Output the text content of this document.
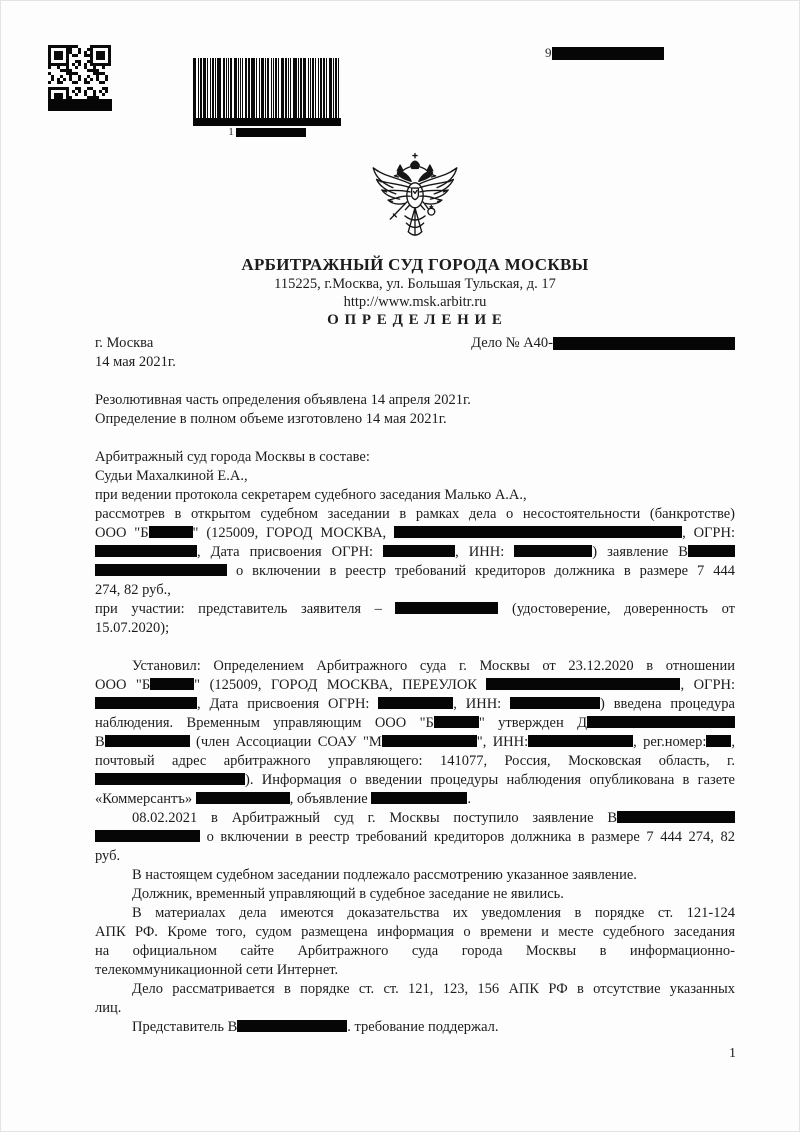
1
9
АРБИТРАЖНЫЙ СУД ГОРОДА МОСКВЫ
115225, г.Москва, ул. Большая Тульская, д. 17
http://www.msk.arbitr.ru
О П Р Е Д Е Л Е Н И Е
г. Москва	Дело № А40-
14 мая 2021г.
Резолютивная часть определения объявлена 14 апреля 2021г.
Определение в полном объеме изготовлено 14 мая 2021г.
Арбитражный суд города Москвы в составе:
Судьи Махалкиной Е.А.,
при ведении протокола секретарем судебного заседания Малько А.А.,
рассмотрев в открытом судебном заседании в рамках дела о несостоятельности (банкротстве)
ООО "Б	" (125009, ГОРОД МОСКВА,	, ОГРН:
, Дата присвоения ОГРН:	, ИНН:	) заявление В
о включении в реестр требований кредиторов должника в размере 7 444
274, 82 руб.,
при участии: представитель заявителя –	(удостоверение, доверенность от
15.07.2020);
Установил: Определением Арбитражного суда г. Москвы от 23.12.2020 в отношении
ООО "Б	" (125009, ГОРОД МОСКВА, ПЕРЕУЛОК	, ОГРН:
, Дата присвоения ОГРН:	, ИНН:	) введена процедура
наблюдения. Временным управляющим ООО "Б	" утвержден Д
В	(член Ассоциации СОАУ "М	", ИНН:	, рег.номер: ,
почтовый адрес арбитражного управляющего: 141077, Россия, Московская область, г.
). Информация о введении процедуры наблюдения опубликована в газете
«Коммерсантъ»	, объявление	.
08.02.2021 в Арбитражный суд г. Москвы поступило заявление В
о включении в реестр требований кредиторов должника в размере 7 444 274, 82
руб.
В настоящем судебном заседании подлежало рассмотрению указанное заявление.
Должник, временный управляющий в судебное заседание не явились.
В материалах дела имеются доказательства их уведомления в порядке ст. 121-124
АПК РФ. Кроме того, судом размещена информация о времени и месте судебного заседания
на официальном сайте Арбитражного суда города Москвы в информационно-
телекоммуникационной сети Интернет.
Дело рассматривается в порядке ст. ст. 121, 123, 156 АПК РФ в отсутствие указанных
лиц.
Представитель В	. требование поддержал.
1
